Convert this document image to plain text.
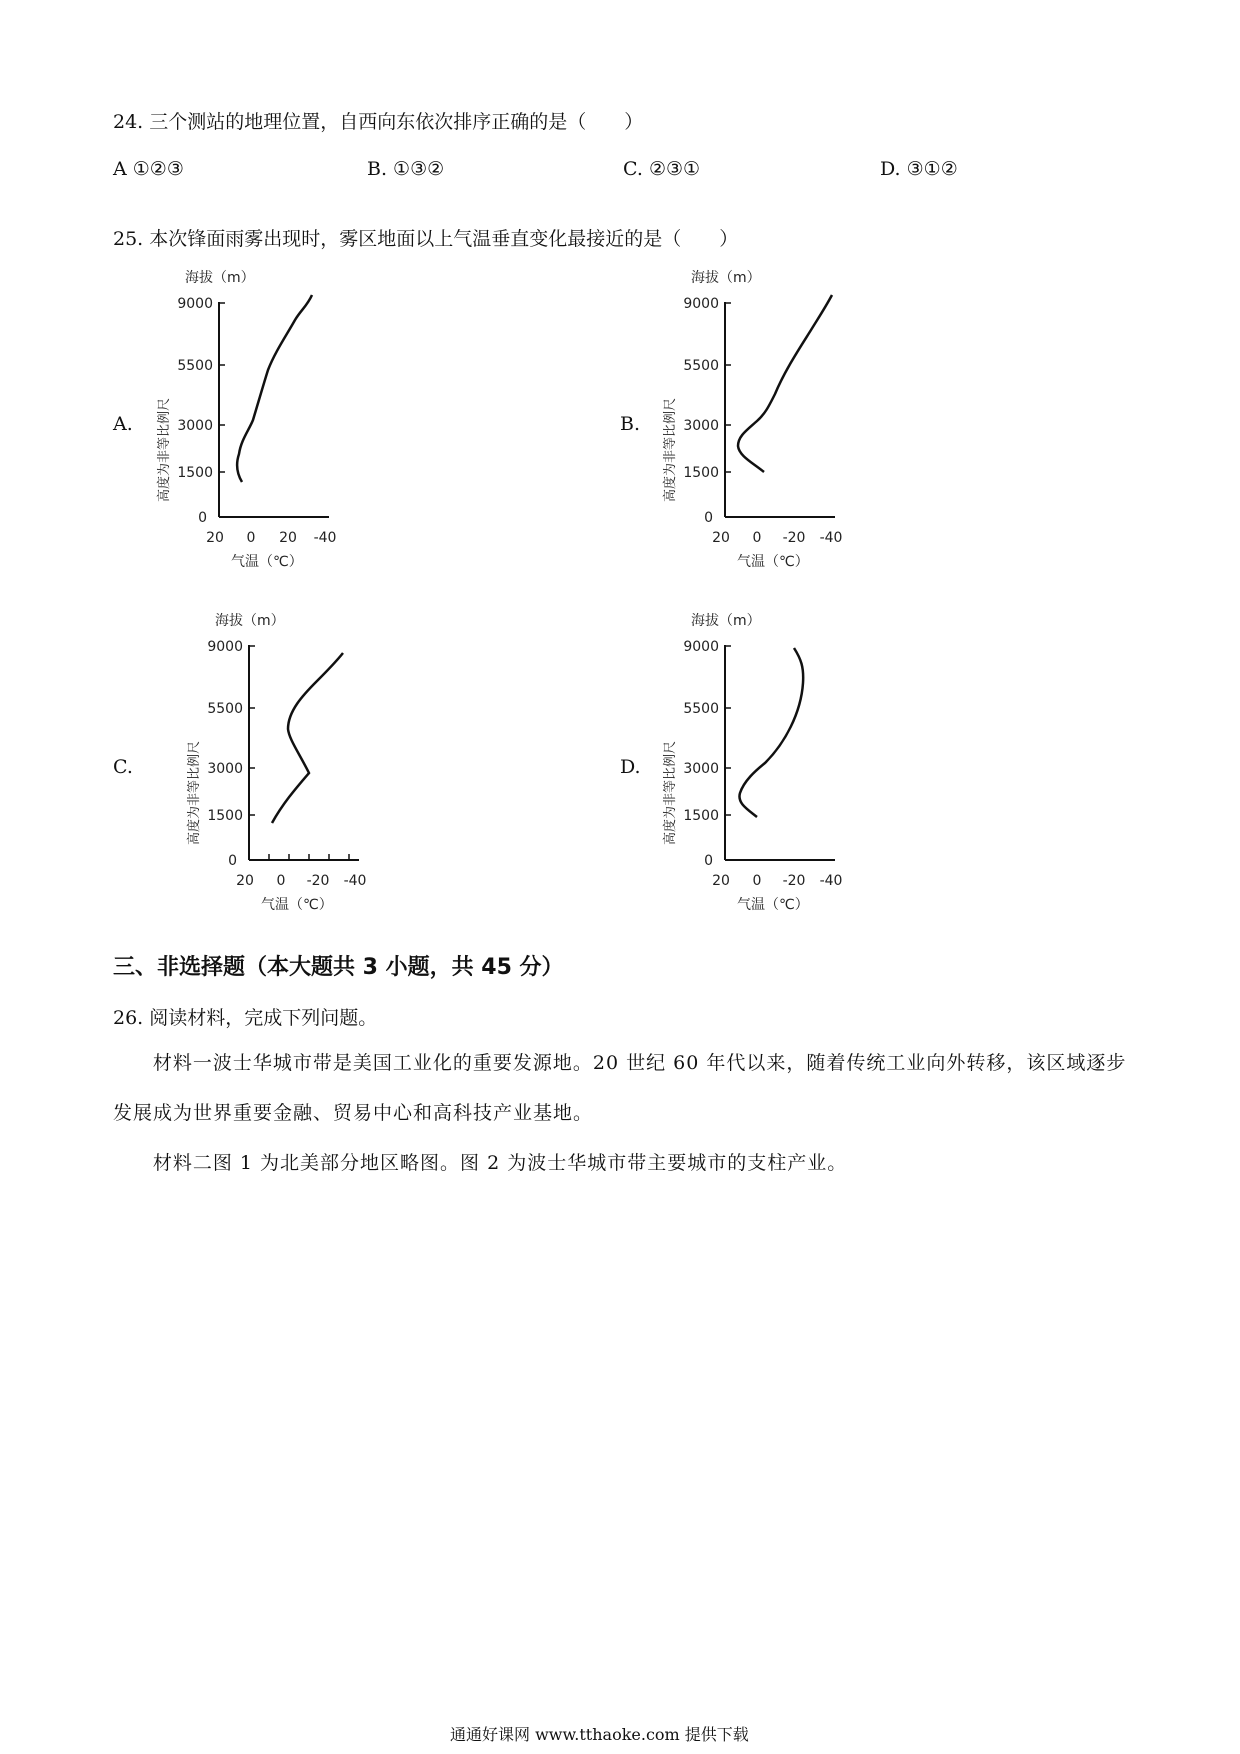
24. 三个测站的地理位置，自西向东依次排序正确的是（　　）
A ①②③	B. ①③②	C. ②③①	D. ③①②
25. 本次锋面雨雾出现时，雾区地面以上气温垂直变化最接近的是（　　）
A.
海拔（m）
高度为非等比例尺
9000
5500
3000
1500
0
20 0 20 -40
气温（℃）
B.
海拔（m）
高度为非等比例尺
9000
5500
3000
1500
0
20 0 -20 -40
气温（℃）
C.
海拔（m）
高度为非等比例尺
9000
5500
3000
1500
0
20 0 -20 -40
气温（℃）
D.
海拔（m）
高度为非等比例尺
9000
5500
3000
1500
0
20 0 -20 -40
气温（℃）
三、非选择题（本大题共 3 小题，共 45 分）
26. 阅读材料，完成下列问题。
材料一波士华城市带是美国工业化的重要发源地。20 世纪 60 年代以来，随着传统工业向外转移，该区域逐步发展成为世界重要金融、贸易中心和高科技产业基地。
材料二图 1 为北美部分地区略图。图 2 为波士华城市带主要城市的支柱产业。
通通好课网 www.tthaoke.com 提供下载
